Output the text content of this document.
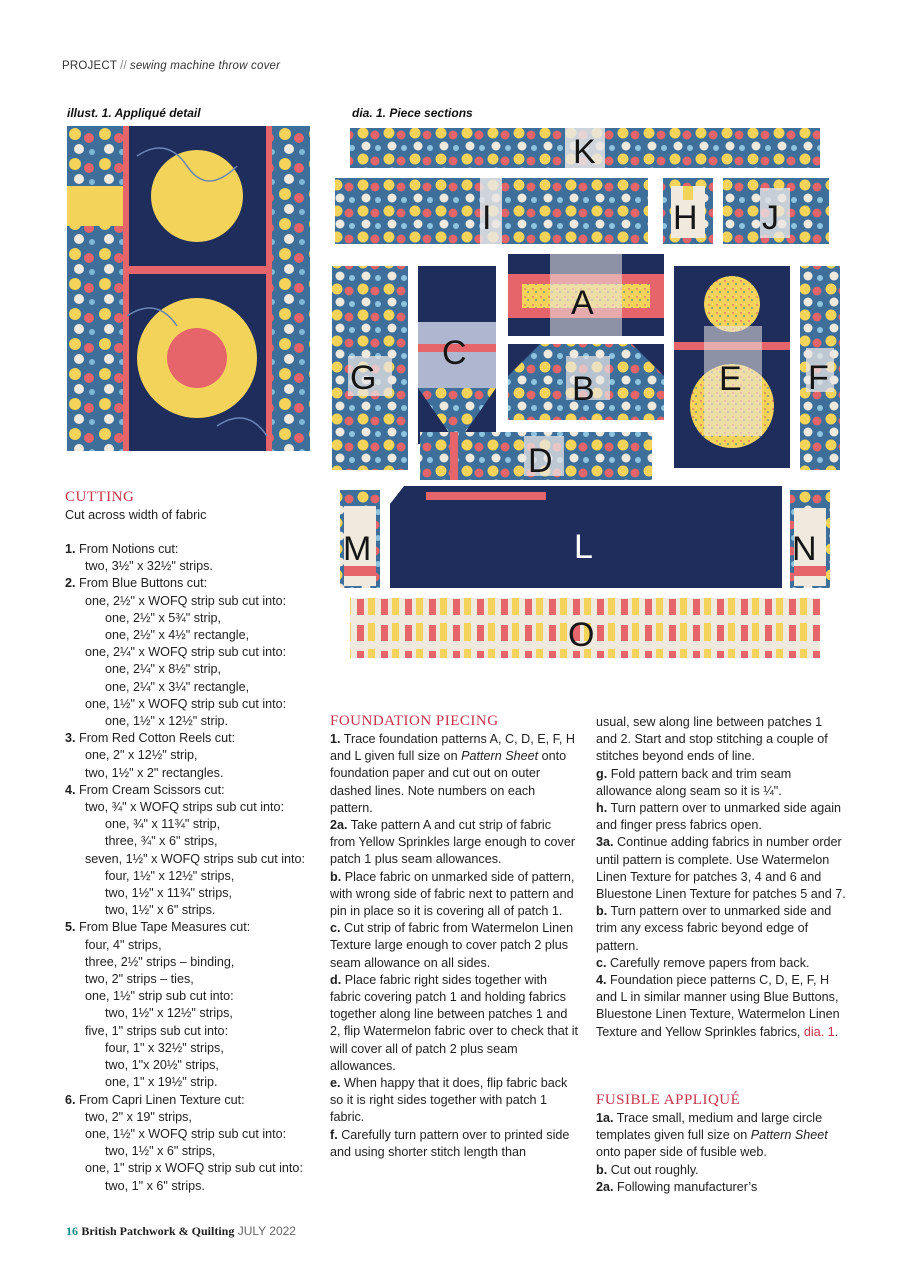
PROJECT // sewing machine throw cover
illust. 1. Appliqué detail	dia. 1. Piece sections
K
I	H J
G
C
A
B	E F
D
M	L	N
O
CUTTING
Cut across width of fabric
1. From Notions cut:
two, 3½" x 32½" strips.
2. From Blue Buttons cut:
one, 2½" x WOFQ strip sub cut into:
one, 2½" x 5¾" strip,
one, 2½" x 4½" rectangle,
one, 2¼" x WOFQ strip sub cut into:
one, 2¼" x 8½" strip,
one, 2¼" x 3¼" rectangle,
one, 1½" x WOFQ strip sub cut into:
one, 1½" x 12½" strip.
3. From Red Cotton Reels cut:
one, 2" x 12½" strip,
two, 1½" x 2" rectangles.
4. From Cream Scissors cut:
two, ¾" x WOFQ strips sub cut into:
one, ¾" x 11¾" strip,
three, ¾" x 6" strips,
seven, 1½" x WOFQ strips sub cut into:
four, 1½" x 12½" strips,
two, 1½" x 11¾" strips,
two, 1½" x 6" strips.
5. From Blue Tape Measures cut:
four, 4" strips,
three, 2½" strips – binding,
two, 2" strips – ties,
one, 1½" strip sub cut into:
two, 1½" x 12½" strips,
five, 1" strips sub cut into:
four, 1" x 32½" strips,
two, 1"x 20½" strips,
one, 1" x 19½" strip.
6. From Capri Linen Texture cut:
two, 2" x 19" strips,
one, 1½" x WOFQ strip sub cut into:
two, 1½" x 6" strips,
one, 1" strip x WOFQ strip sub cut into:
two, 1" x 6" strips.
FOUNDATION PIECING
1. Trace foundation patterns A, C, D, E, F, H and L given full size on Pattern Sheet onto foundation paper and cut out on outer dashed lines. Note numbers on each pattern.
2a. Take pattern A and cut strip of fabric from Yellow Sprinkles large enough to cover patch 1 plus seam allowances.
b. Place fabric on unmarked side of pattern, with wrong side of fabric next to pattern and pin in place so it is covering all of patch 1.
c. Cut strip of fabric from Watermelon Linen Texture large enough to cover patch 2 plus seam allowance on all sides.
d. Place fabric right sides together with fabric covering patch 1 and holding fabrics together along line between patches 1 and 2, flip Watermelon fabric over to check that it will cover all of patch 2 plus seam allowances.
e. When happy that it does, flip fabric back so it is right sides together with patch 1 fabric.
f. Carefully turn pattern over to printed side and using shorter stitch length than
usual, sew along line between patches 1 and 2. Start and stop stitching a couple of stitches beyond ends of line.
g. Fold pattern back and trim seam allowance along seam so it is ¼".
h. Turn pattern over to unmarked side again and finger press fabrics open.
3a. Continue adding fabrics in number order until pattern is complete. Use Watermelon Linen Texture for patches 3, 4 and 6 and Bluestone Linen Texture for patches 5 and 7.
b. Turn pattern over to unmarked side and trim any excess fabric beyond edge of pattern.
c. Carefully remove papers from back.
4. Foundation piece patterns C, D, E, F, H and L in similar manner using Blue Buttons, Bluestone Linen Texture, Watermelon Linen Texture and Yellow Sprinkles fabrics, dia. 1.
FUSIBLE APPLIQUÉ
1a. Trace small, medium and large circle templates given full size on Pattern Sheet onto paper side of fusible web.
b. Cut out roughly.
2a. Following manufacturer’s
16 British Patchwork & Quilting JULY 2022
